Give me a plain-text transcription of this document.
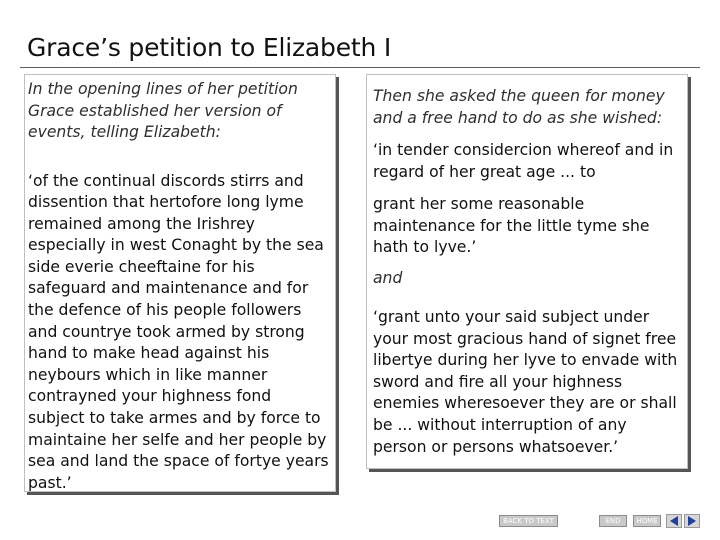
Grace’s petition to Elizabeth I

In the opening lines of her petition Grace established her version of events, telling Elizabeth:

‘of the continual discords stirrs and dissention that hertofore long lyme remained among the Irishrey especially in west Conaght by the sea side everie cheeftaine for his safeguard and maintenance and for the defence of his people followers and countrye took armed by strong hand to make head against his neybours which in like manner contrayned your highness fond subject to take armes and by force to maintaine her selfe and her people by sea and land the space of fortye years past.’

Then she asked the queen for money and a free hand to do as she wished:

‘in tender considercion whereof and in regard of her great age ... to

grant her some reasonable maintenance for the little tyme she hath to lyve.’

and

‘grant unto your said subject under your most gracious hand of signet free libertye during her lyve to envade with sword and fire all your highness enemies wheresoever they are or shall be ... without interruption of any person or persons whatsoever.’

BACK TO TEXT	END	HOME
